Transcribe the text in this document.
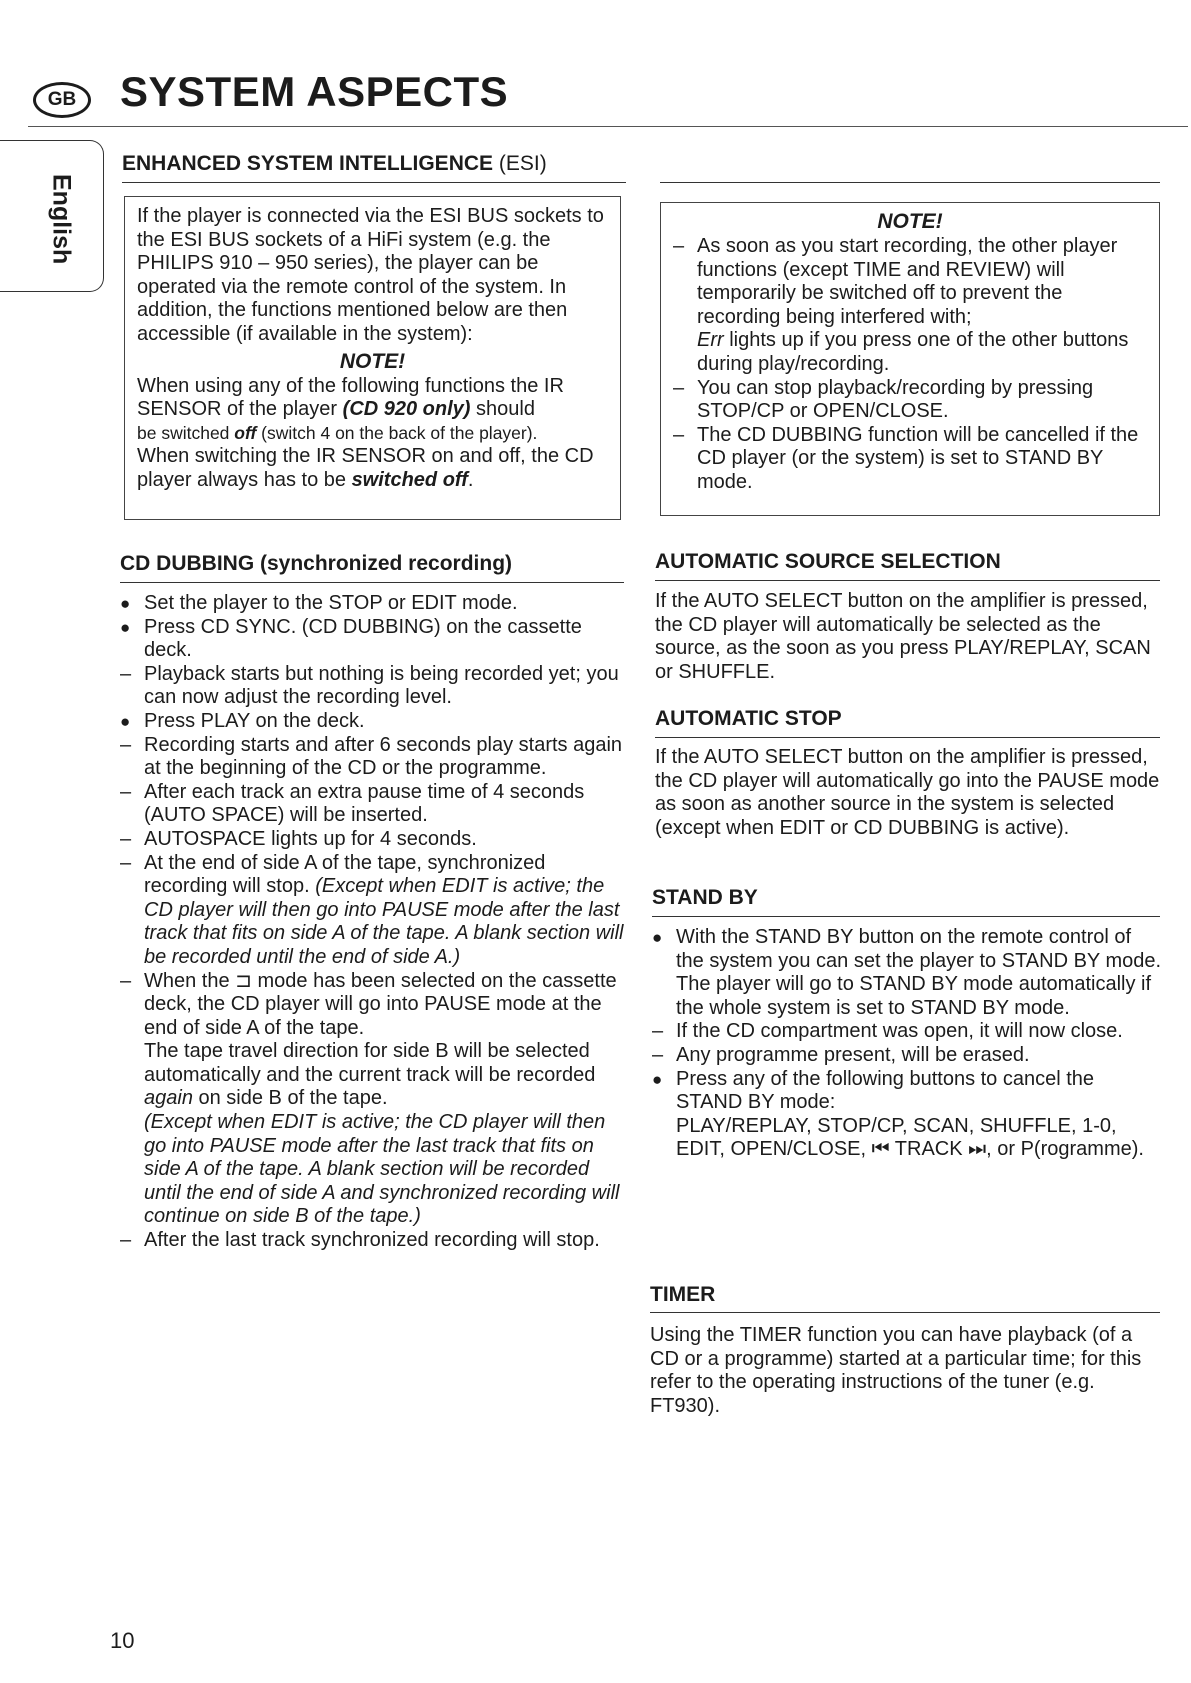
GB	SYSTEM ASPECTS
English
ENHANCED SYSTEM INTELLIGENCE (ESI)
If the player is connected via the ESI BUS sockets to the ESI BUS sockets of a HiFi system (e.g. the PHILIPS 910 – 950 series), the player can be operated via the remote control of the system. In addition, the functions mentioned below are then accessible (if available in the system):
NOTE!
When using any of the following functions the IR SENSOR of the player (CD 920 only) should
be switched off (switch 4 on the back of the player).
When switching the IR SENSOR on and off, the CD player always has to be switched off.
NOTE!
– As soon as you start recording, the other player functions (except TIME and REVIEW) will temporarily be switched off to prevent the recording being interfered with;
Err lights up if you press one of the other buttons during play/recording.
– You can stop playback/recording by pressing STOP/CP or OPEN/CLOSE.
– The CD DUBBING function will be cancelled if the CD player (or the system) is set to STAND BY mode.
CD DUBBING (synchronized recording)
● Set the player to the STOP or EDIT mode.
● Press CD SYNC. (CD DUBBING) on the cassette deck.
– Playback starts but nothing is being recorded yet; you can now adjust the recording level.
● Press PLAY on the deck.
– Recording starts and after 6 seconds play starts again at the beginning of the CD or the programme.
– After each track an extra pause time of 4 seconds (AUTO SPACE) will be inserted.
– AUTOSPACE lights up for 4 seconds.
– At the end of side A of the tape, synchronized recording will stop. (Except when EDIT is active; the CD player will then go into PAUSE mode after the last track that fits on side A of the tape. A blank section will be recorded until the end of side A.)
– When the ⊐ mode has been selected on the cassette deck, the CD player will go into PAUSE mode at the end of side A of the tape.
The tape travel direction for side B will be selected automatically and the current track will be recorded again on side B of the tape.
(Except when EDIT is active; the CD player will then go into PAUSE mode after the last track that fits on side A of the tape. A blank section will be recorded until the end of side A and synchronized recording will continue on side B of the tape.)
– After the last track synchronized recording will stop.
AUTOMATIC SOURCE SELECTION
If the AUTO SELECT button on the amplifier is pressed, the CD player will automatically be selected as the source, as the soon as you press PLAY/REPLAY, SCAN or SHUFFLE.
AUTOMATIC STOP
If the AUTO SELECT button on the amplifier is pressed, the CD player will automatically go into the PAUSE mode as soon as another source in the system is selected (except when EDIT or CD DUBBING is active).
STAND BY
● With the STAND BY button on the remote control of the system you can set the player to STAND BY mode.
The player will go to STAND BY mode automatically if the whole system is set to STAND BY mode.
– If the CD compartment was open, it will now close.
– Any programme present, will be erased.
● Press any of the following buttons to cancel the STAND BY mode:
PLAY/REPLAY, STOP/CP, SCAN, SHUFFLE, 1-0, EDIT, OPEN/CLOSE, ⏮ TRACK ⏭, or P(rogramme).
TIMER
Using the TIMER function you can have playback (of a CD or a programme) started at a particular time; for this refer to the operating instructions of the tuner (e.g. FT930).
10
